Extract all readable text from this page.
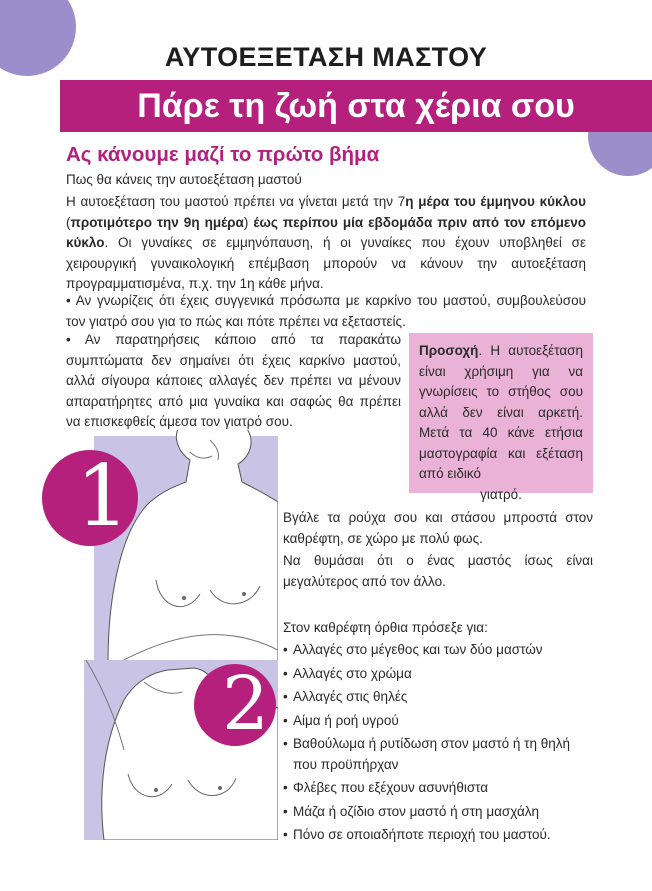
ΑΥΤΟΕΞΕΤΑΣΗ ΜΑΣΤΟΥ
Πάρε τη ζωή στα χέρια σου
Ας κάνουμε μαζί το πρώτο βήμα
Πως θα κάνεις την αυτοεξέταση μαστού
Η αυτοεξέταση του μαστού πρέπει να γίνεται μετά την 7η μέρα του έμμηνου κύκλου (προτιμότερο την 9η ημέρα) έως περίπου μία εβδομάδα πριν από τον επόμενο κύκλο. Οι γυναίκες σε εμμηνόπαυση, ή οι γυναίκες που έχουν υποβληθεί σε χειρουργική γυναικολογική επέμβαση μπορούν να κάνουν την αυτοεξέταση προγραμματισμένα, π.χ. την 1η κάθε μήνα.
• Αν γνωρίζεις ότι έχεις συγγενικά πρόσωπα με καρκίνο του μαστού, συμβουλεύσου τον γιατρό σου για το πώς και πότε πρέπει να εξεταστείς.
• Αν παρατηρήσεις κάποιο από τα παρακάτω συμπτώματα δεν σημαίνει ότι έχεις καρκίνο μαστού, αλλά σίγουρα κάποιες αλλαγές δεν πρέπει να μένουν απαρατήρητες από μια γυναίκα και σαφώς θα πρέπει να επισκεφθείς άμεσα τον γιατρό σου.
Προσοχή. Η αυτοεξέταση είναι χρήσιμη για να γνωρίσεις το στήθος σου αλλά δεν είναι αρκετή. Μετά τα 40 κάνε ετήσια μαστογραφία και εξέταση από ειδικό
γιατρό.
1
2
Βγάλε τα ρούχα σου και στάσου μπροστά στον καθρέφτη, σε χώρο με πολύ φως.
Να θυμάσαι ότι ο ένας μαστός ίσως είναι μεγαλύτερος από τον άλλο.
Στον καθρέφτη όρθια πρόσεξε για:
• Αλλαγές στο μέγεθος και των δύο μαστών
• Αλλαγές στο χρώμα
• Αλλαγές στις θηλές
• Αίμα ή ροή υγρού
• Βαθούλωμα ή ρυτίδωση στον μαστό ή τη θηλή που προϋπήρχαν
• Φλέβες που εξέχουν ασυνήθιστα
• Μάζα ή οζίδιο στον μαστό ή στη μασχάλη
• Πόνο σε οποιαδήποτε περιοχή του μαστού.
